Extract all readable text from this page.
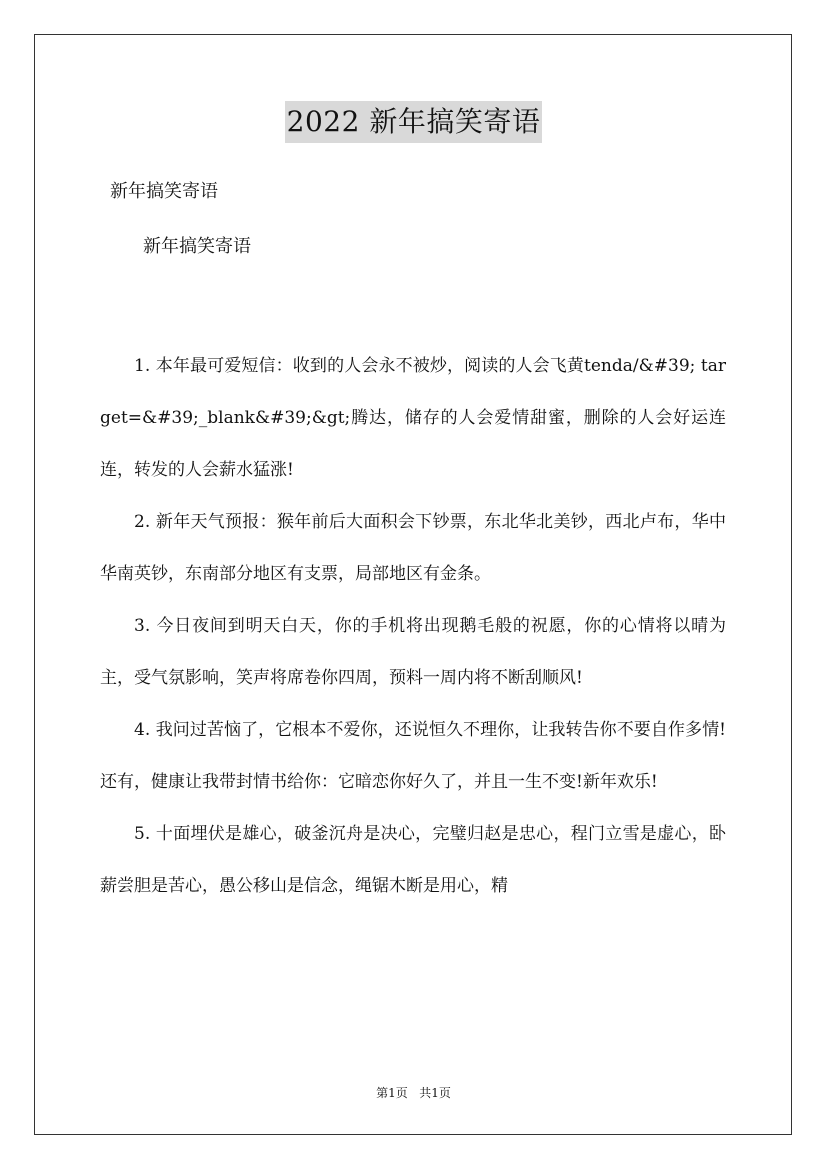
2022 新年搞笑寄语
新年搞笑寄语
新年搞笑寄语

1. 本年最可爱短信：收到的人会永不被炒，阅读的人会飞黄tenda/&#39; target=&#39;_blank&#39;&gt;腾达，储存的人会爱情甜蜜，删除的人会好运连连，转发的人会薪水猛涨!

2. 新年天气预报：猴年前后大面积会下钞票，东北华北美钞，西北卢布，华中华南英钞，东南部分地区有支票，局部地区有金条。

3. 今日夜间到明天白天，你的手机将出现鹅毛般的祝愿，你的心情将以晴为主，受气氛影响，笑声将席卷你四周，预料一周内将不断刮顺风!

4. 我问过苦恼了，它根本不爱你，还说恒久不理你，让我转告你不要自作多情!还有，健康让我带封情书给你：它暗恋你好久了，并且一生不变!新年欢乐!

5. 十面埋伏是雄心，破釜沉舟是决心，完璧归赵是忠心，程门立雪是虚心，卧薪尝胆是苦心，愚公移山是信念，绳锯木断是用心，精

第1页 共1页
